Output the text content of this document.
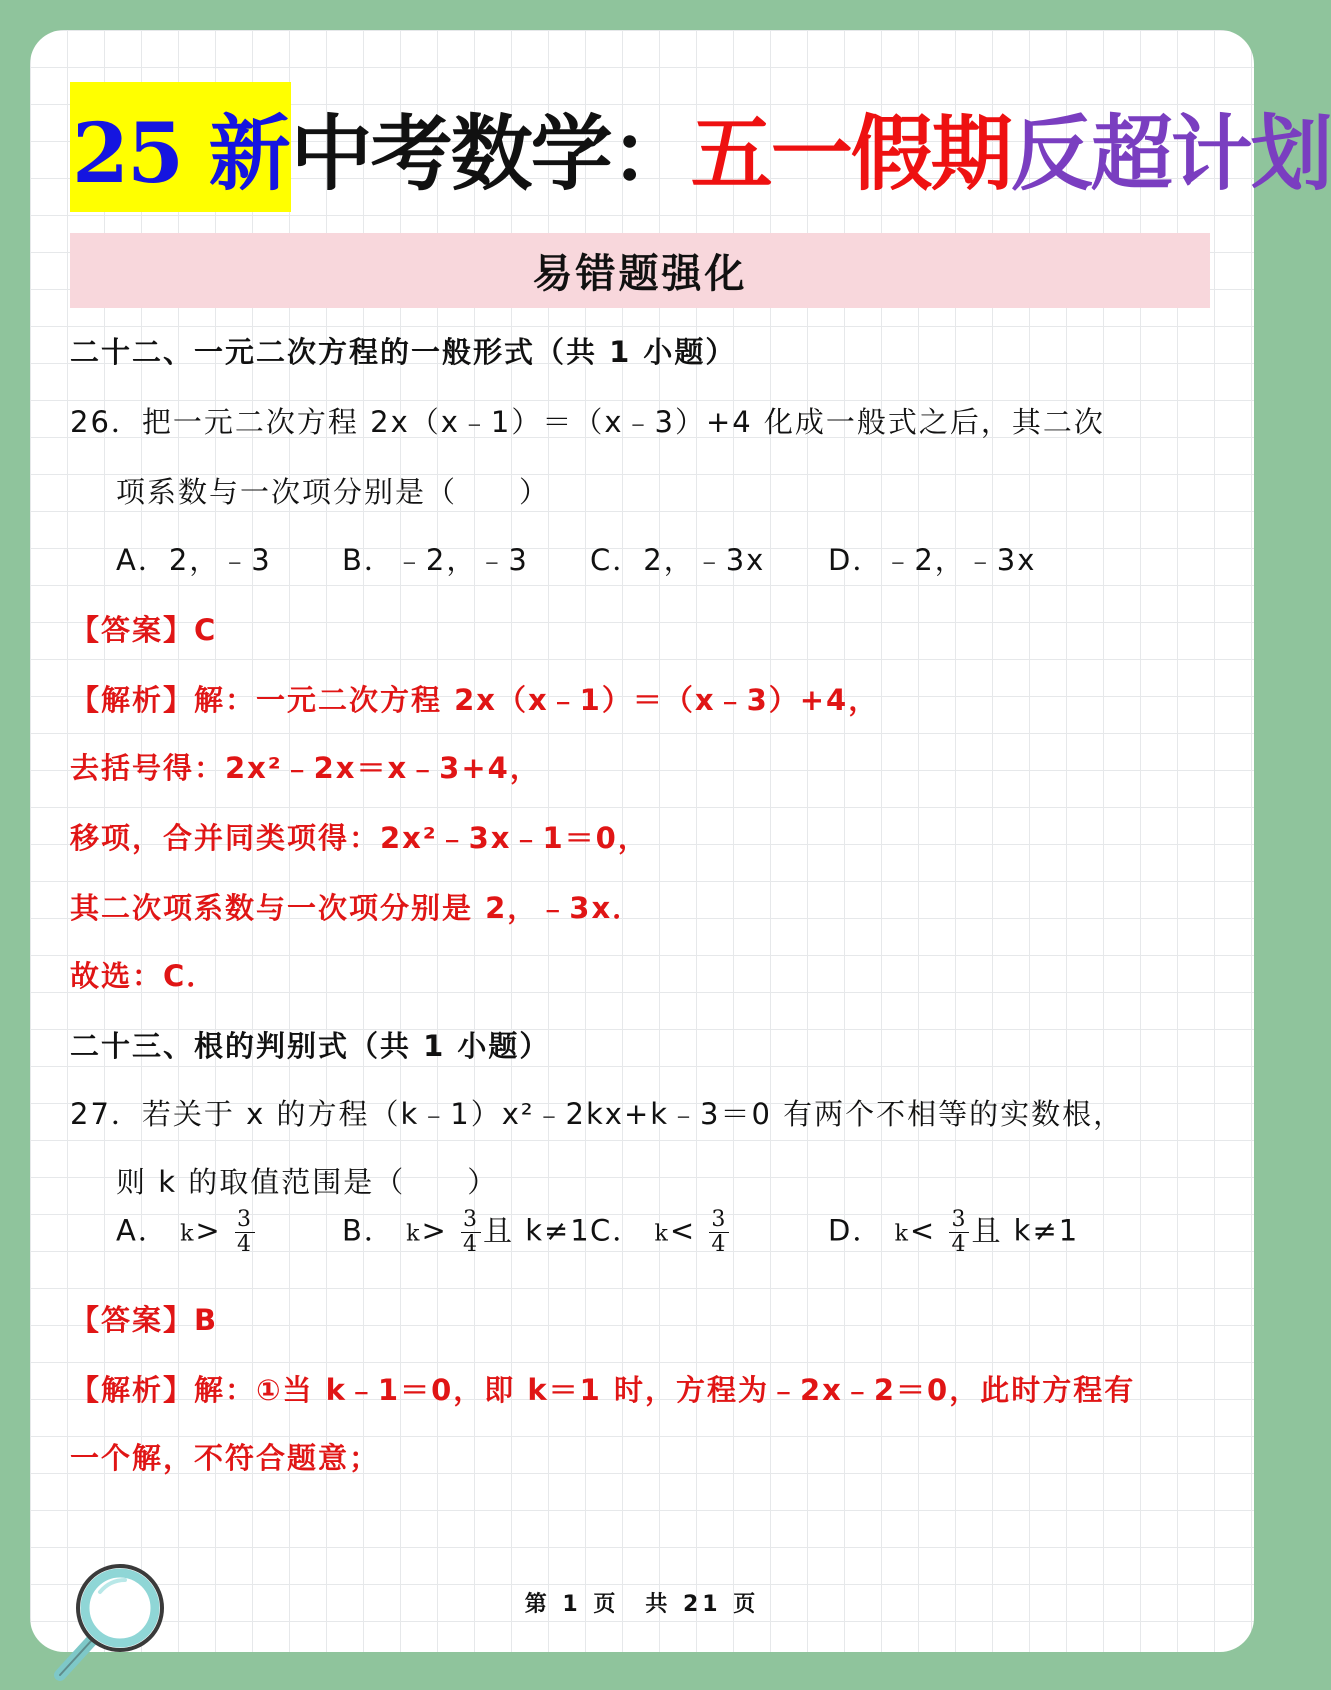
25 新 中考数学： 五一假期 反超计划
易错题强化
二十二、一元二次方程的一般形式（共 1 小题）
26．把一元二次方程 2x（x﹣1）＝（x﹣3）+4 化成一般式之后，其二次
项系数与一次项分别是（　　）
A．2，﹣3 B．﹣2，﹣3 C．2，﹣3x D．﹣2，﹣3x
【答案】C
【解析】解：一元二次方程 2x（x﹣1）＝（x﹣3）+4，
去括号得：2x²﹣2x＝x﹣3+4，
移项，合并同类项得：2x²﹣3x﹣1＝0，
其二次项系数与一次项分别是 2，﹣3x．
故选：C．
二十三、根的判别式（共 1 小题）
27．若关于 x 的方程（k﹣1）x²﹣2kx+k﹣3＝0 有两个不相等的实数根，
则 k 的取值范围是（　　）
A． $k> \frac{3}{4}$	B． $k> \frac{3}{4}$ 且 k≠1 C． $k< \frac{3}{4}$	D． $k< \frac{3}{4}$ 且 k≠1
【答案】B
【解析】解：①当 k﹣1＝0，即 k＝1 时，方程为﹣2x﹣2＝0，此时方程有
一个解，不符合题意；
第 1 页　共 21 页
